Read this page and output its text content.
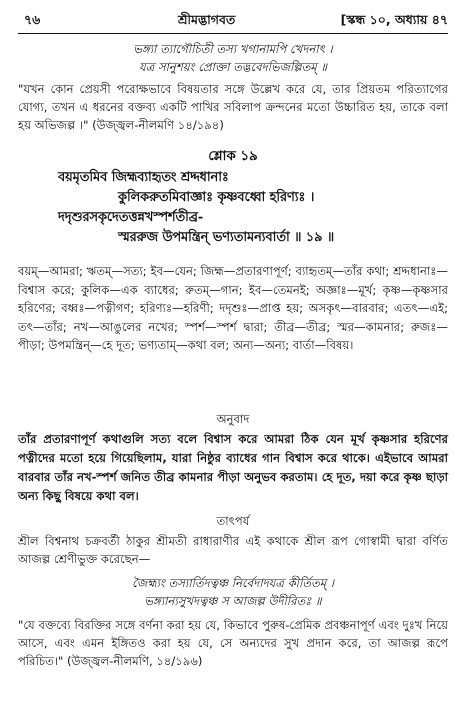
৭৬	শ্রীমদ্ভাগবত	[স্কন্ধ ১০, অধ্যায় ৪৭
ভঙ্গ্যা ত্যাগৌচিতী তস্য খগানামপি খেদনাৎ ।
যত্র সানুশয়ং প্রোক্তা তদ্ভবেদভিজল্পিতম্ ॥
"যখন কোন প্রেয়সী পরোক্ষভাবে বিষয়তার সঙ্গে উল্লেখ করে যে, তার প্রিয়তম পরিত্যাগের যোগ্য, তখন এ ধরনের বক্তব্য একটি পাখির সবিলাপ ক্রন্দনের মতো উচ্চারিত হয়, তাকে বলা হয় অভিজল্প ।" (উজ্জ্বল-নীলমণি ১৪/১৯৪)
শ্লোক ১৯
বয়মৃতমিব জিহ্মব্যাহৃতং শ্রদ্দধানাঃ
কুলিকরুতমিবাজ্ঞাঃ কৃষ্ণবধ্বো হরিণ্যঃ ।
দদৃশুরসকৃদেতত্তন্নখস্পর্শতীব্র-
স্মররুজ উপমন্ত্রিন্ ভণ্যতামন্যবার্তা ॥ ১৯ ॥
বয়ম্—আমরা; ঋতম্—সত্য; ইব—যেন; জিহ্ম—প্রতারণাপূর্ণ; ব্যাহৃতম্—তাঁর কথা; শ্রদ্দধানাঃ—বিশ্বাস করে; কুলিক—এক ব্যাধের; রুতম্—গান; ইব—তেমনই; অজ্ঞাঃ—মূর্খ; কৃষ্ণ—কৃষ্ণসার হরিণের; বধ্বঃ—পত্নীগণ; হরিণ্যঃ—হরিণী; দদৃশুঃ—প্রাপ্ত হয়; অসকৃৎ—বারবার; এতৎ—এই; তৎ—তাঁর; নখ—আঙুলের নখের; স্পর্শ—স্পর্শ দ্বারা; তীব্র—তীব্র; স্মর—কামনার; রুজঃ—পীড়া; উপমন্ত্রিন্—হে দূত; ভণ্যতাম্—কথা বল; অন্য—অন্য; বার্তা—বিষয়।
অনুবাদ
তাঁর প্রতারণাপূর্ণ কথাগুলি সত্য বলে বিশ্বাস করে আমরা ঠিক যেন মূর্খ কৃষ্ণসার হরিণের পত্নীদের মতো হয়ে গিয়েছিলাম, যারা নিষ্ঠুর ব্যাধের গান বিশ্বাস করে থাকে। এইভাবে আমরা বারবার তাঁর নখ-স্পর্শ জনিত তীব্র কামনার পীড়া অনুভব করতাম। হে দূত, দয়া করে কৃষ্ণ ছাড়া অন্য কিছু বিষয়ে কথা বল।
তাৎপর্য
শ্রীল বিশ্বনাথ চক্রবর্তী ঠাকুর শ্রীমতী রাধারাণীর এই কথাকে শ্রীল রূপ গোস্বামী দ্বারা বর্ণিত আজল্প শ্রেণীভুক্ত করেছেন—
জৈহ্ম্যং তস্যার্তিদত্বঞ্চ নির্বেদাদযত্র কীর্তিতম্ ।
ভঙ্গ্যান্যসুখদত্বঞ্চ স আজল্প উদীরিতঃ ॥
"যে বক্তব্যে বিরক্তির সঙ্গে বর্ণনা করা হয় যে, কিভাবে পুরুষ-প্রেমিক প্রবঞ্চনাপূর্ণ এবং দুঃখ নিয়ে আসে, এবং এমন ইঙ্গিতও করা হয় যে, সে অন্যদের সুখ প্রদান করে, তা আজল্প রূপে পরিচিত।" (উজ্জ্বল-নীলমণি, ১৪/১৯৬)
